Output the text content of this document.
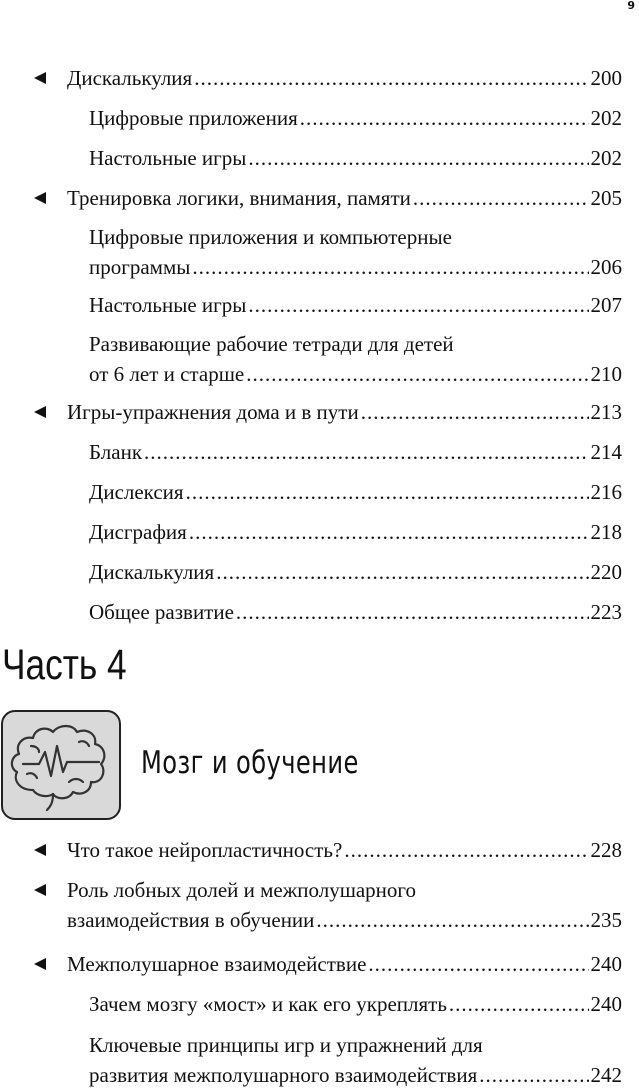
9
Дискалькулия .....	200
Цифровые приложения .....	202
Настольные игры .....	202
Тренировка логики, внимания, памяти .....	205
Цифровые приложения и компьютерные
программы .....	206
Настольные игры .....	207
Развивающие рабочие тетради для детей
от 6 лет и старше .....	210
Игры-упражнения дома и в пути .....	213
Бланк .....	214
Дислексия .....	216
Дисграфия .....	218
Дискалькулия .....	220
Общее развитие .....	223
Часть 4
Мозг и обучение
Что такое нейропластичность? .....	228
Роль лобных долей и межполушарного
взаимодействия в обучении .....	235
Межполушарное взаимодействие .....	240
Зачем мозгу «мост» и как его укреплять .....	240
Ключевые принципы игр и упражнений для
развития межполушарного взаимодействия .....	242
